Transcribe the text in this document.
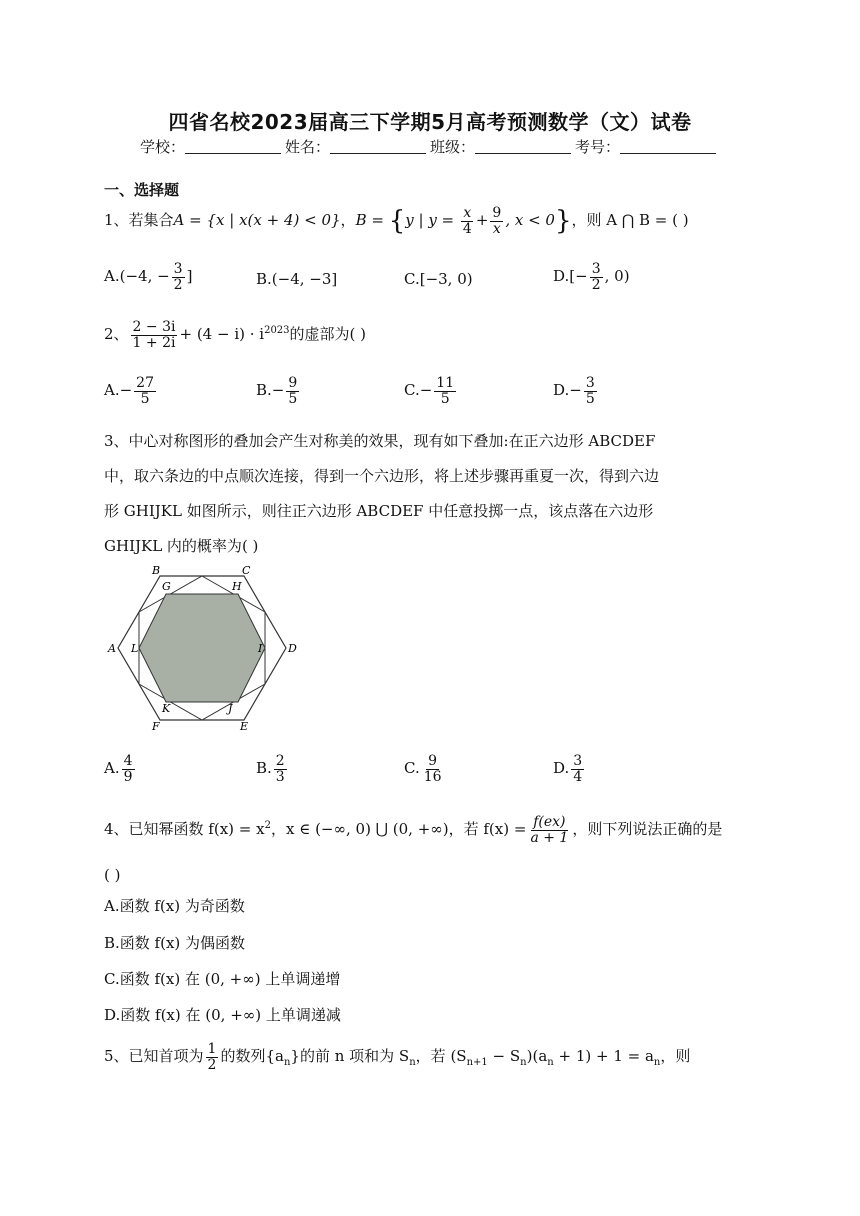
四省名校2023届高三下学期5月高考预测数学（文）试卷
学校：	姓名：	班级：	考号：
一、选择题
1、若集合A = {x | x(x + 4) < 0}，B = {y | $y = \frac{x}{4} + \frac{9}{x}$ , x < 0}，则 A ⋂ B = ( )
A.(−4, − $\frac{3}{2}$ ]	B.(−4, −3]	C.[−3, 0)	$D.[- \frac{3}{2}$ , 0)
2、 $\frac{2 - 3i}{1 + 2i} + (4 - i) \cdot i^{2023}$的虚部为( )
$A.- \frac{27}{5}$	$B.- \frac{9}{5}$	$C.- \frac{11}{5}$	$D.- \frac{3}{5}$
3、中心对称图形的叠加会产生对称美的效果，现有如下叠加:在正六边形 ABCDEF
中，取六条边的中点顺次连接，得到一个六边形，将上述步骤再重夏一次，得到六边
形 GHIJKL 如图所示，则往正六边形 ABCDEF 中任意投掷一点，该点落在六边形
GHIJKL 内的概率为( )
A
B	C
D
E
F
G	H
I
J
K
L
A. $\frac{4}{9}$	B. $\frac{2}{3}$	C. $\frac{9}{16}$	D. $\frac{3}{4}$
4、已知幂函数 $f(x) = x^2$，x ∈ (−∞, 0) ⋃ (0, +∞)，若 $f(x) = \frac{f(ex)}{a + 1}$ ，则下列说法正确的是
( )
A.函数 f(x) 为奇函数
B.函数 f(x) 为偶函数
C.函数 f(x) 在 (0, +∞) 上单调递增
D.函数 f(x) 在 (0, +∞) 上单调递减
5、已知首项为 $\frac{1}{2}$ 的数列$\{a_n\}$的前 n 项和为 $S_n$，若 $(S_{n+1} - S_n)(a_n + 1) + 1 = a_n$，则
